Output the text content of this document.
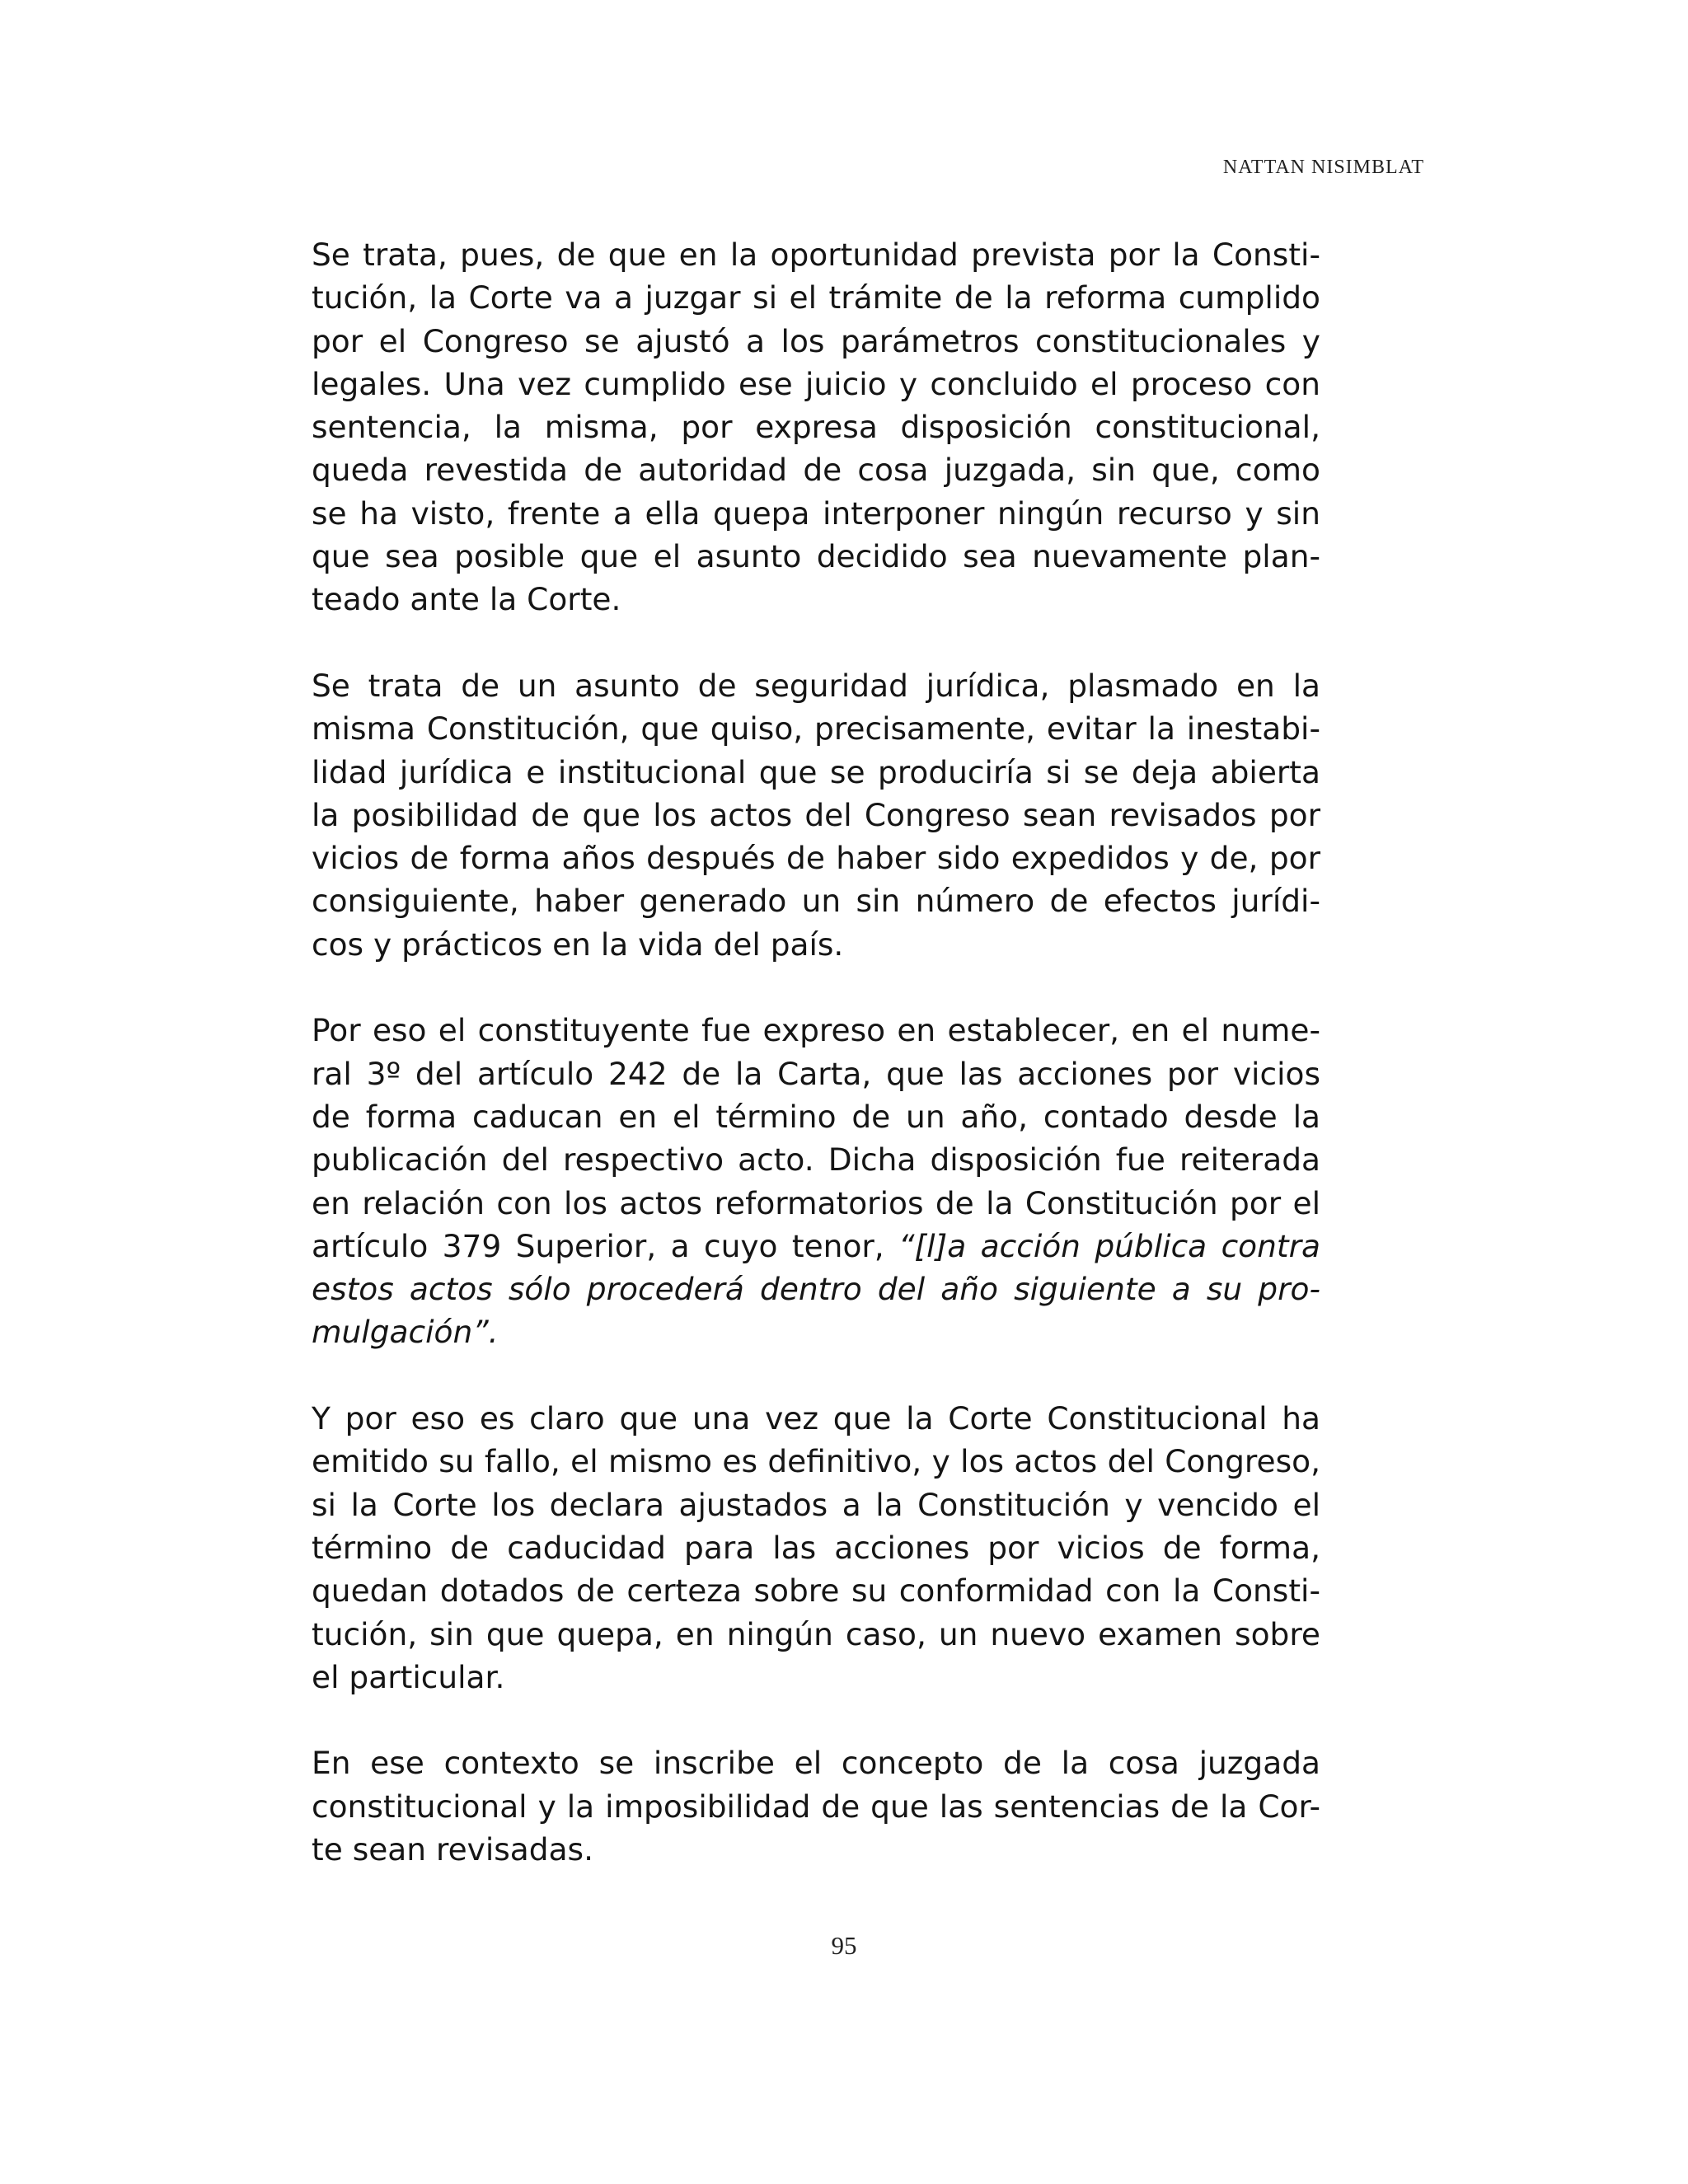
NATTAN NISIMBLAT
Se trata, pues, de que en la oportunidad prevista por la Consti-
tución, la Corte va a juzgar si el trámite de la reforma cumplido
por el Congreso se ajustó a los parámetros constitucionales y
legales. Una vez cumplido ese juicio y concluido el proceso con
sentencia, la misma, por expresa disposición constitucional,
queda revestida de autoridad de cosa juzgada, sin que, como
se ha visto, frente a ella quepa interponer ningún recurso y sin
que sea posible que el asunto decidido sea nuevamente plan-
teado ante la Corte.
Se trata de un asunto de seguridad jurídica, plasmado en la
misma Constitución, que quiso, precisamente, evitar la inestabi-
lidad jurídica e institucional que se produciría si se deja abierta
la posibilidad de que los actos del Congreso sean revisados por
vicios de forma años después de haber sido expedidos y de, por
consiguiente, haber generado un sin número de efectos jurídi-
cos y prácticos en la vida del país.
Por eso el constituyente fue expreso en establecer, en el nume-
ral 3º del artículo 242 de la Carta, que las acciones por vicios
de forma caducan en el término de un año, contado desde la
publicación del respectivo acto. Dicha disposición fue reiterada
en relación con los actos reformatorios de la Constitución por el
artículo 379 Superior, a cuyo tenor, “[l]a acción pública contra
estos actos sólo procederá dentro del año siguiente a su pro-
mulgación”.
Y por eso es claro que una vez que la Corte Constitucional ha
emitido su fallo, el mismo es definitivo, y los actos del Congreso,
si la Corte los declara ajustados a la Constitución y vencido el
término de caducidad para las acciones por vicios de forma,
quedan dotados de certeza sobre su conformidad con la Consti-
tución, sin que quepa, en ningún caso, un nuevo examen sobre
el particular.
En ese contexto se inscribe el concepto de la cosa juzgada
constitucional y la imposibilidad de que las sentencias de la Cor-
te sean revisadas.
95
